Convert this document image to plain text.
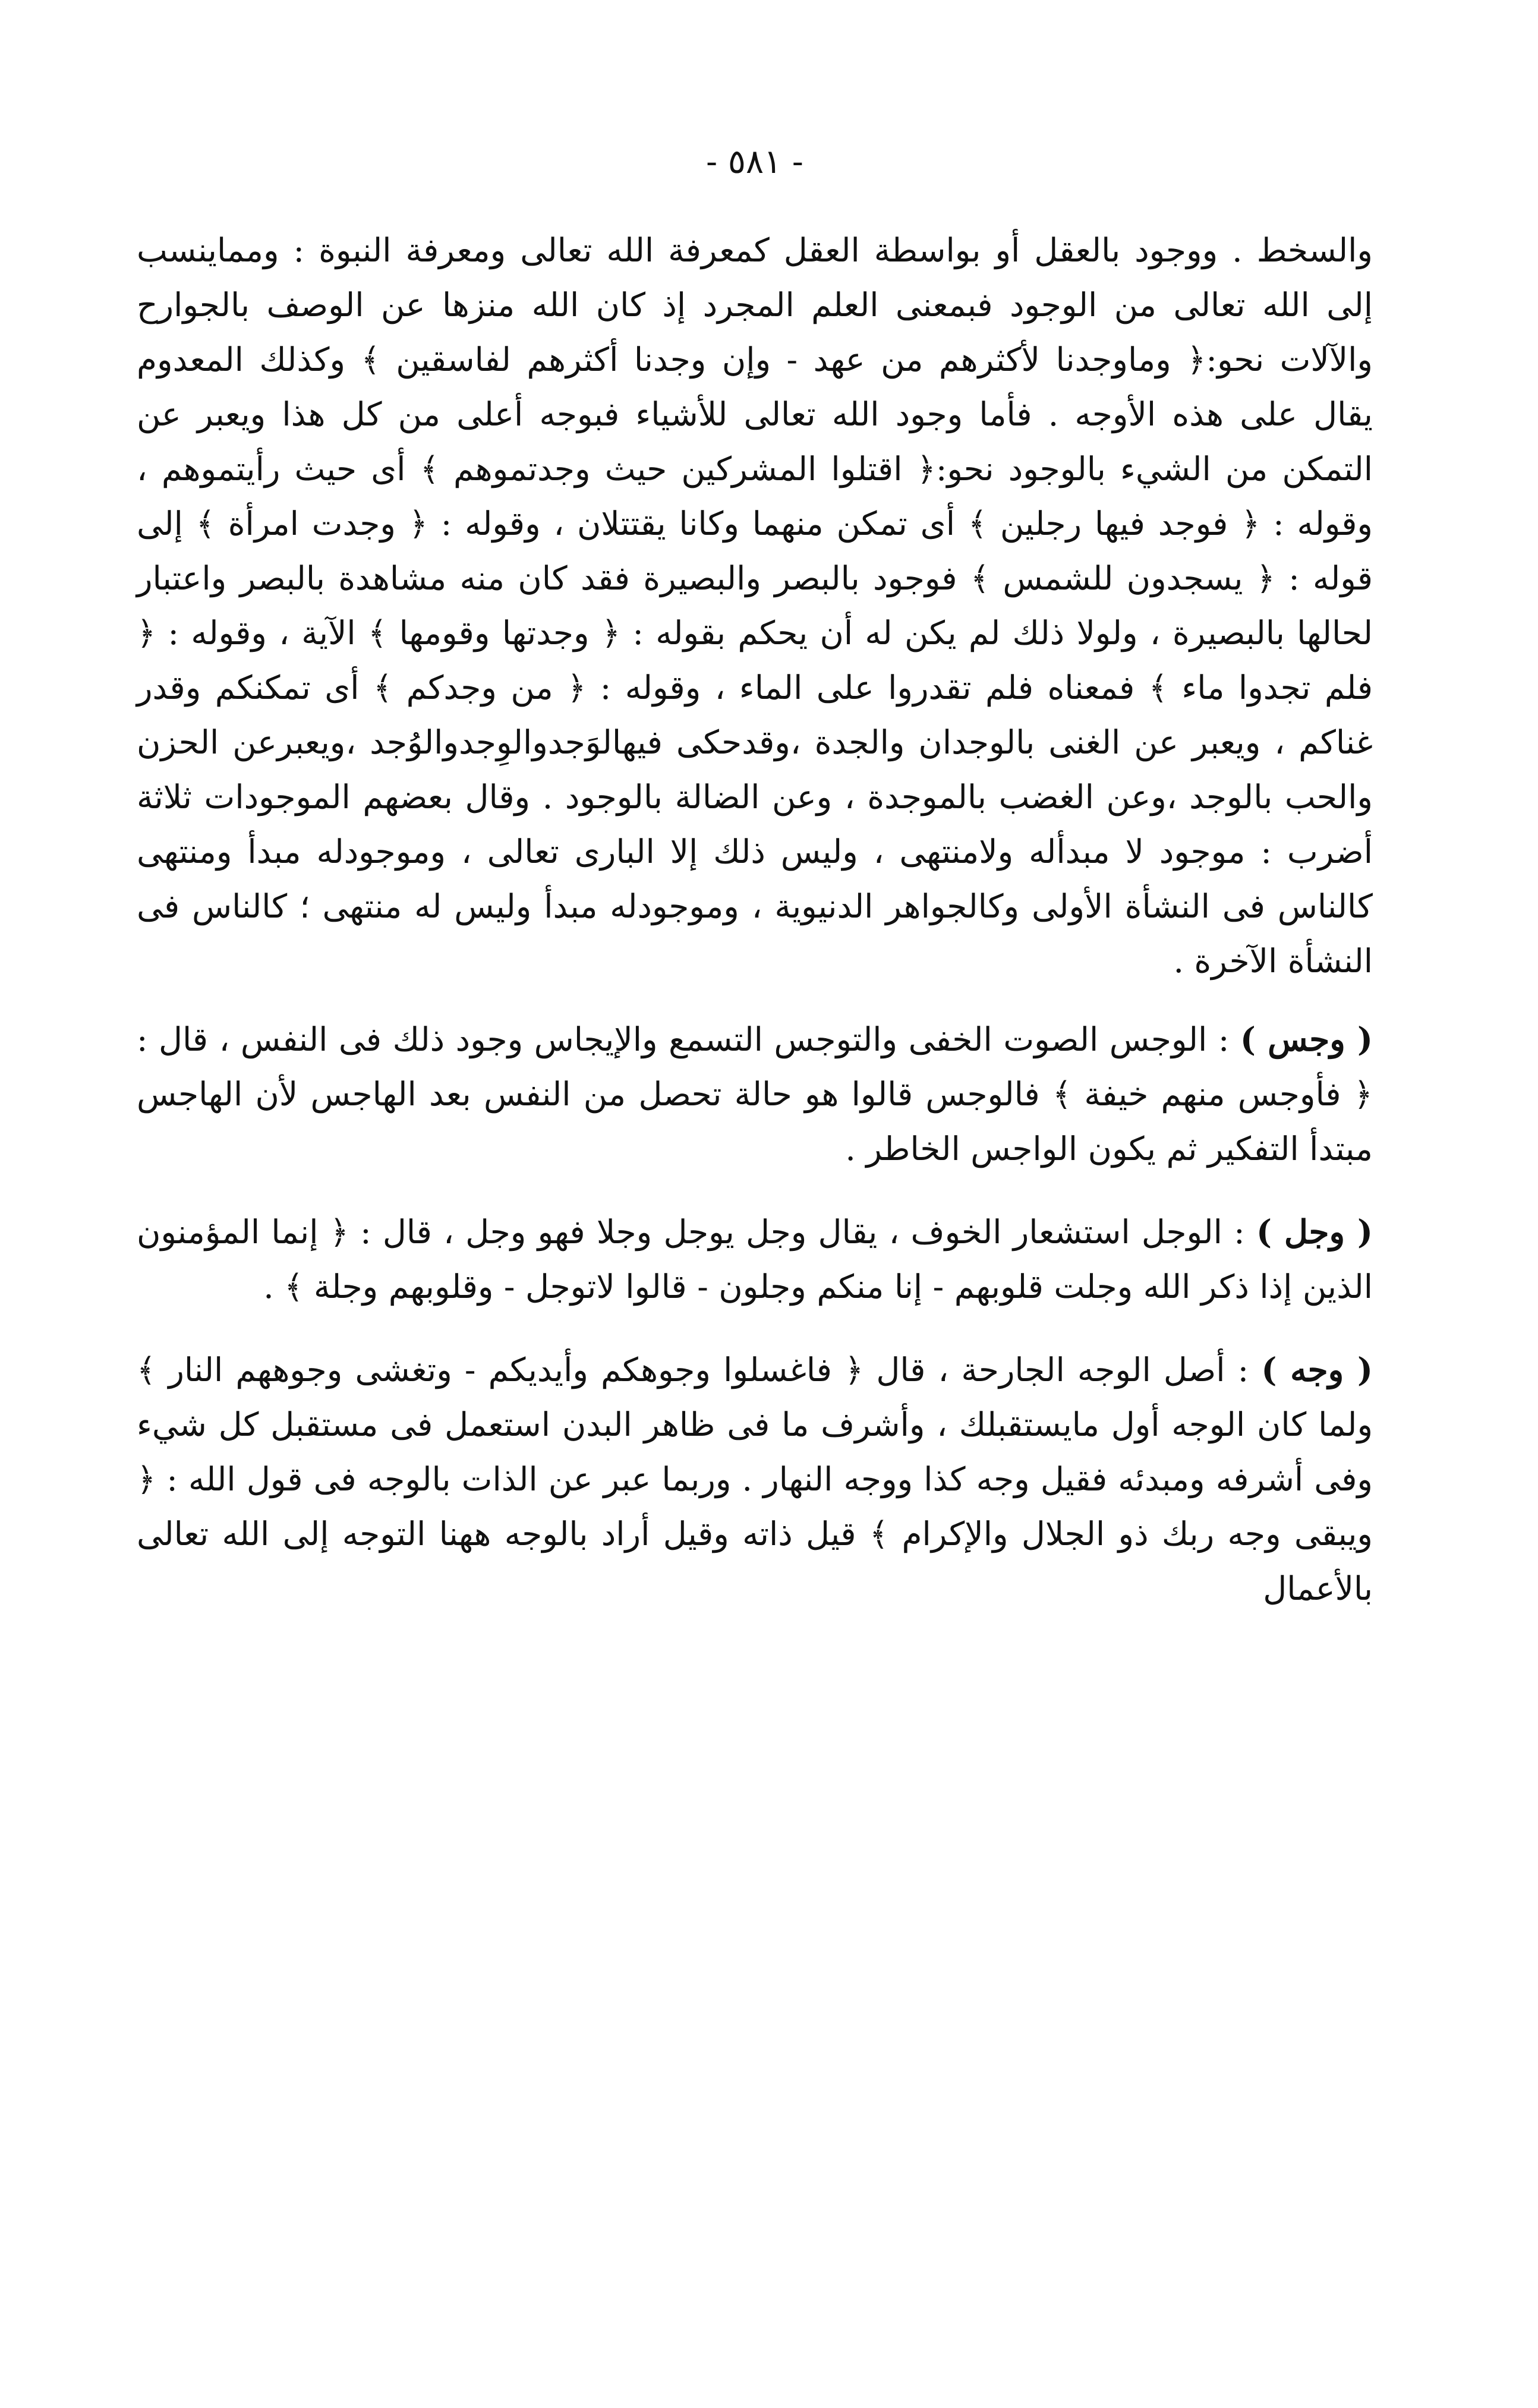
- ٥٨١ -

والسخط . ووجود بالعقل أو بواسطة العقل كمعرفة الله تعالى ومعرفة النبوة : ومماينسب إلى الله تعالى من الوجود فبمعنى العلم المجرد إذ كان الله منزها عن الوصف بالجوارح والآلات نحو:﴿ وماوجدنا لأكثرهم من عهد - وإن وجدنا أكثرهم لفاسقين ﴾ وكذلك المعدوم يقال على هذه الأوجه . فأما وجود الله تعالى للأشياء فبوجه أعلى من كل هذا ويعبر عن التمكن من الشيء بالوجود نحو:﴿ اقتلوا المشركين حيث وجدتموهم ﴾ أى حيث رأيتموهم ، وقوله : ﴿ فوجد فيها رجلين ﴾ أى تمكن منهما وكانا يقتتلان ، وقوله : ﴿ وجدت امرأة ﴾ إلى قوله : ﴿ يسجدون للشمس ﴾ فوجود بالبصر والبصيرة فقد كان منه مشاهدة بالبصر واعتبار لحالها بالبصيرة ، ولولا ذلك لم يكن له أن يحكم بقوله : ﴿ وجدتها وقومها ﴾ الآية ، وقوله : ﴿ فلم تجدوا ماء ﴾ فمعناه فلم تقدروا على الماء ، وقوله : ﴿ من وجدكم ﴾ أى تمكنكم وقدر غناكم ، ويعبر عن الغنى بالوجدان والجدة ،وقدحكى فيهالوَجدوالوِجدوالوُجد ،ويعبرعن الحزن والحب بالوجد ،وعن الغضب بالموجدة ، وعن الضالة بالوجود . وقال بعضهم الموجودات ثلاثة أضرب : موجود لا مبدأله ولامنتهى ، وليس ذلك إلا البارى تعالى ، وموجودله مبدأ ومنتهى كالناس فى النشأة الأولى وكالجواهر الدنيوية ، وموجودله مبدأ وليس له منتهى ؛ كالناس فى النشأة الآخرة .

( وجس ) : الوجس الصوت الخفى والتوجس التسمع والإيجاس وجود ذلك فى النفس ، قال : ﴿ فأوجس منهم خيفة ﴾ فالوجس قالوا هو حالة تحصل من النفس بعد الهاجس لأن الهاجس مبتدأ التفكير ثم يكون الواجس الخاطر .

( وجل ) : الوجل استشعار الخوف ، يقال وجل يوجل وجلا فهو وجل ، قال : ﴿ إنما المؤمنون الذين إذا ذكر الله وجلت قلوبهم - إنا منكم وجلون - قالوا لاتوجل - وقلوبهم وجلة ﴾ .

( وجه ) : أصل الوجه الجارحة ، قال ﴿ فاغسلوا وجوهكم وأيديكم - وتغشى وجوههم النار ﴾ ولما كان الوجه أول مايستقبلك ، وأشرف ما فى ظاهر البدن استعمل فى مستقبل كل شيء وفى أشرفه ومبدئه فقيل وجه كذا ووجه النهار . وربما عبر عن الذات بالوجه فى قول الله : ﴿ ويبقى وجه ربك ذو الجلال والإكرام ﴾ قيل ذاته وقيل أراد بالوجه ههنا التوجه إلى الله تعالى بالأعمال
